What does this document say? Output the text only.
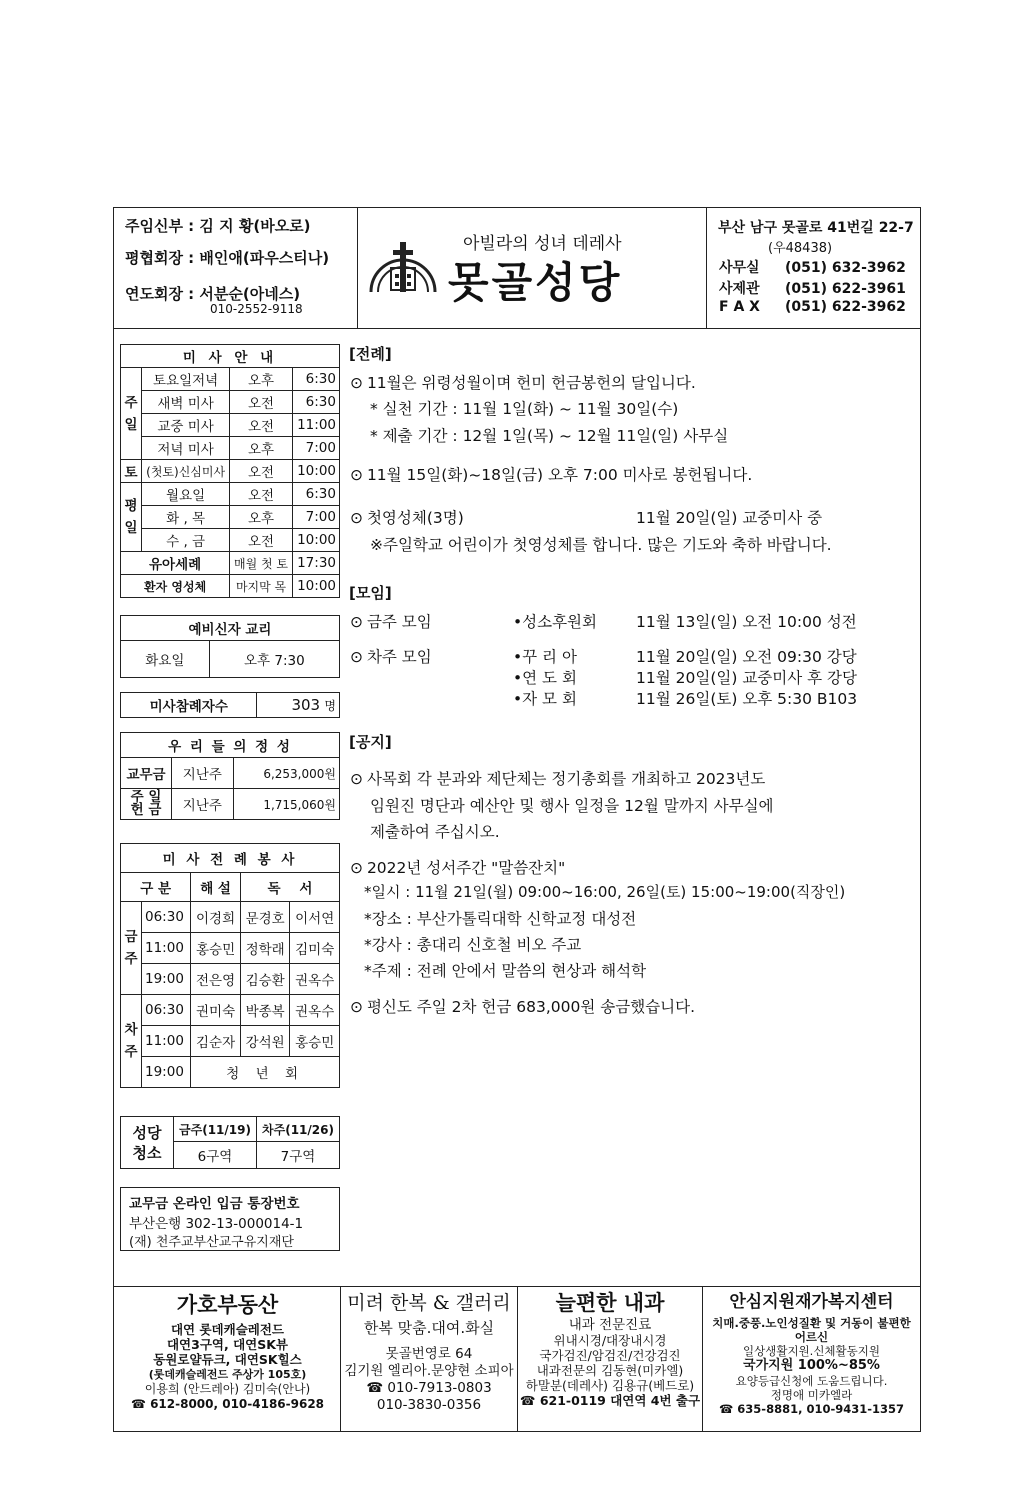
주임신부 : 김 지 황(바오로)
평협회장 : 배인애(파우스티나)
연도회장 : 서분순(아네스)
010-2552-9118
아빌라의 성녀 데레사
못골성당
부산 남구 못골로 41번길 22-7
(우48438)
사무실 (051) 632-3962
사제관 (051) 622-3961
F A X (051) 622-3962
미 사 안 내			
주일	토요일저녁	오후	6:30
	새벽 미사	오전	6:30
	교중 미사	오전	11:00
	저녁 미사	오후	7:00
토	(첫토)신심미사	오전	10:00
평일	월요일	오전	6:30
	화 , 목	오후	7:00
	수 , 금	오전	10:00
유아세례		매월 첫 토	17:30
환자 영성체		마지막 목	10:00
예비신자 교리
화요일	오후 7:30
미사참례자수	303 명
우 리 들 의 정 성		
교무금	지난주	6,253,000원
주 일 헌 금	지난주	1,715,060원
미 사 전 례 봉 사				
구 분		해 설	독 서	
금주	06:30	이경희	문경호	이서연
	11:00	홍승민	정학래	김미숙
	19:00	전은영	김승환	권옥수
차주	06:30	권미숙	박종복	권옥수
	11:00	김순자	강석원	홍승민
	19:00	청 년 회		
성당 청소	금주(11/19)	차주(11/26)
	6구역	7구역
교무금 온라인 입금 통장번호
부산은행 302-13-000014-1
(재) 천주교부산교구유지재단
[전례]
⊙ 11월은 위령성월이며 헌미 헌금봉헌의 달입니다.
* 실천 기간 : 11월 1일(화) ~ 11월 30일(수)
* 제출 기간 : 12월 1일(목) ~ 12월 11일(일) 사무실
⊙ 11월 15일(화)~18일(금) 오후 7:00 미사로 봉헌됩니다.
⊙ 첫영성체(3명)	11월 20일(일) 교중미사 중
※주일학교 어린이가 첫영성체를 합니다. 많은 기도와 축하 바랍니다.
[모임]
⊙ 금주 모임	•성소후원회	11월 13일(일) 오전 10:00 성전
⊙ 차주 모임	•꾸 리 아	11월 20일(일) 오전 09:30 강당
•연 도 회	11월 20일(일) 교중미사 후 강당
•자 모 회	11월 26일(토) 오후 5:30 B103
[공지]
⊙ 사목회 각 분과와 제단체는 정기총회를 개최하고 2023년도
임원진 명단과 예산안 및 행사 일정을 12월 말까지 사무실에
제출하여 주십시오.
⊙ 2022년 성서주간 "말씀잔치"
*일시 : 11월 21일(월) 09:00~16:00, 26일(토) 15:00~19:00(직장인)
*장소 : 부산가톨릭대학 신학교정 대성전
*강사 : 총대리 신호철 비오 주교
*주제 : 전례 안에서 말씀의 현상과 해석학
⊙ 평신도 주일 2차 헌금 683,000원 송금했습니다.
가호부동산
대연 롯데캐슬레전드
대연3구역, 대연SK뷰
동원로얄듀크, 대연SK힐스
(롯데캐슬레전드 주상가 105호)
이용희 (안드레아) 김미숙(안나)
☎ 612-8000, 010-4186-9628
미려 한복 & 갤러리
한복 맞춤.대여.화실
못골번영로 64
김기원 엘리아.문양현 소피아
☎ 010-7913-0803
010-3830-0356
늘편한 내과
내과 전문진료
위내시경/대장내시경
국가검진/암검진/건강검진
내과전문의 김동현(미카엘)
하말분(데레사) 김용규(베드로)
☎ 621-0119 대연역 4번 출구
안심지원재가복지센터
치매.중풍.노인성질환 및 거동이 불편한
어르신
일상생활지원.신체활동지원
국가지원 100%~85%
요양등급신청에 도움드립니다.
정명애 미카엘라
☎ 635-8881, 010-9431-1357
